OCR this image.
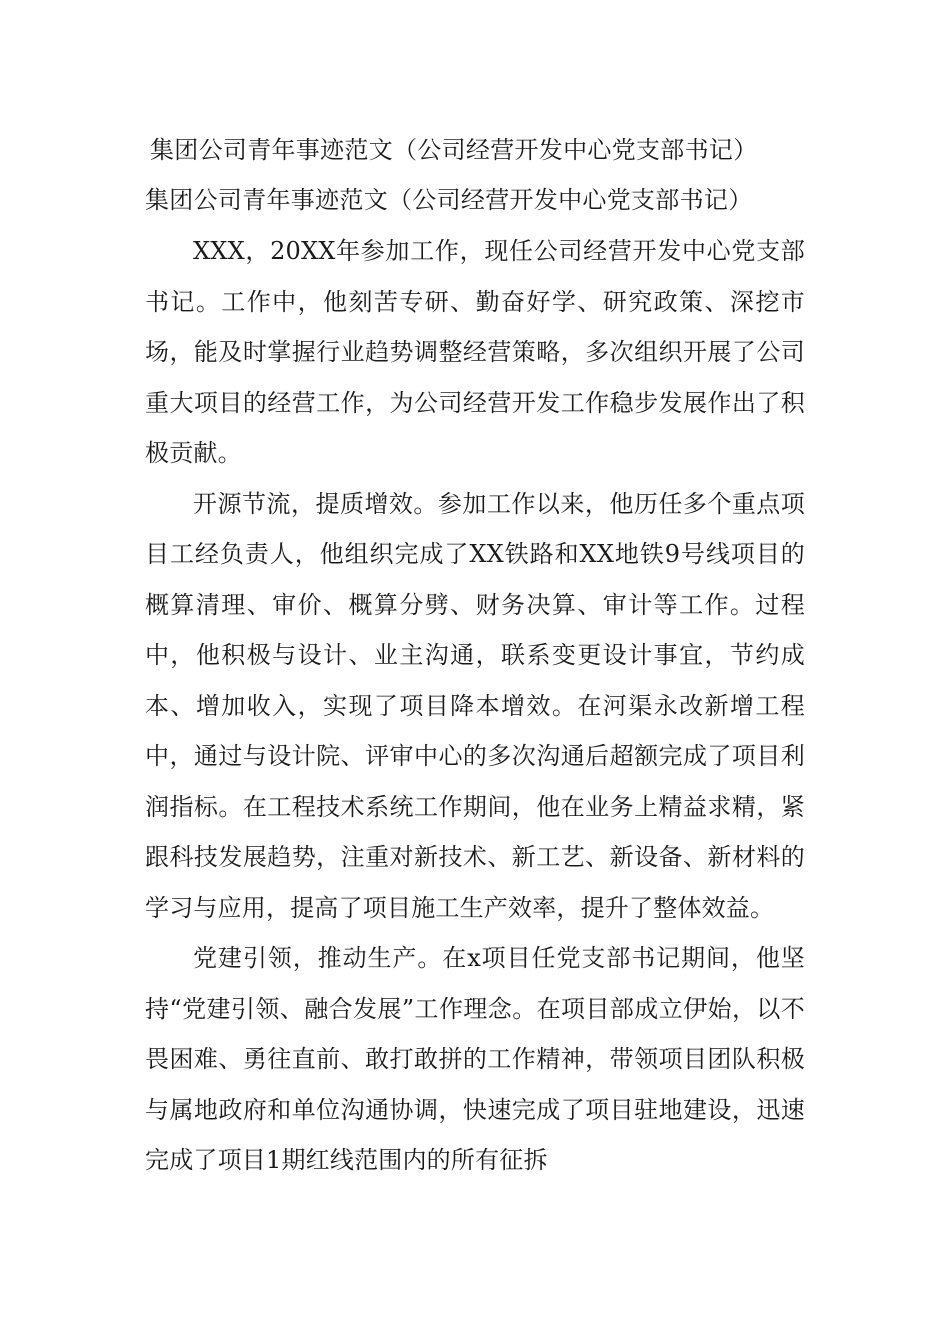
集团公司青年事迹范文（公司经营开发中心党支部书记）
集团公司青年事迹范文（公司经营开发中心党支部书记）

XXX，20XX年参加工作，现任公司经营开发中心党支部书记。工作中，他刻苦专研、勤奋好学、研究政策、深挖市场，能及时掌握行业趋势调整经营策略，多次组织开展了公司重大项目的经营工作，为公司经营开发工作稳步发展作出了积极贡献。

开源节流，提质增效。参加工作以来，他历任多个重点项目工经负责人，他组织完成了XX铁路和XX地铁9号线项目的概算清理、审价、概算分劈、财务决算、审计等工作。过程中，他积极与设计、业主沟通，联系变更设计事宜，节约成本、增加收入，实现了项目降本增效。在河渠永改新增工程中，通过与设计院、评审中心的多次沟通后超额完成了项目利润指标。在工程技术系统工作期间，他在业务上精益求精，紧跟科技发展趋势，注重对新技术、新工艺、新设备、新材料的学习与应用，提高了项目施工生产效率，提升了整体效益。

党建引领，推动生产。在x项目任党支部书记期间，他坚持“党建引领、融合发展”工作理念。在项目部成立伊始，以不畏困难、勇往直前、敢打敢拼的工作精神，带领项目团队积极与属地政府和单位沟通协调，快速完成了项目驻地建设，迅速完成了项目1期红线范围内的所有征拆
